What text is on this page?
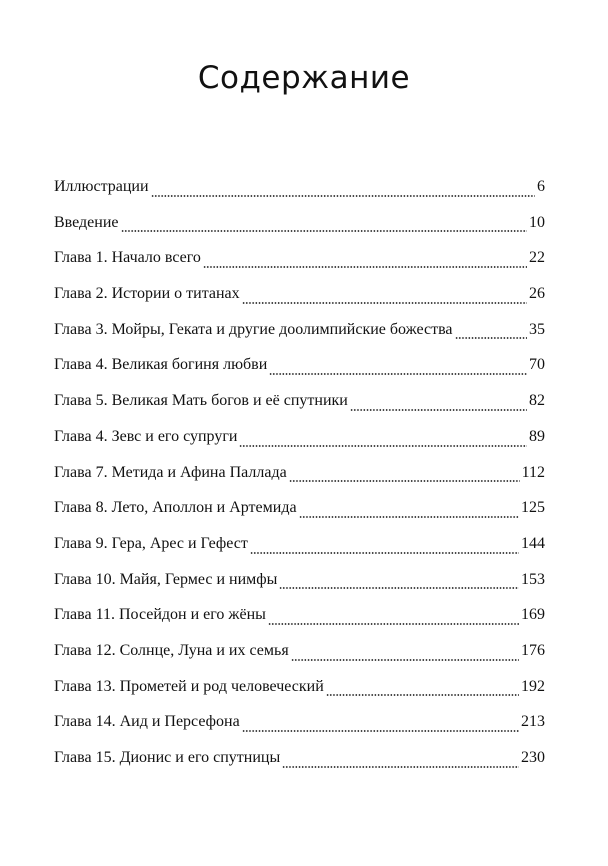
Содержание
Иллюстрации	6
Введение	10
Глава 1. Начало всего	22
Глава 2. Истории о титанах	26
Глава 3. Мойры, Геката и другие доолимпийские божества	35
Глава 4. Великая богиня любви	70
Глава 5. Великая Мать богов и её спутники	82
Глава 4. Зевс и его супруги	89
Глава 7. Метида и Афина Паллада	112
Глава 8. Лето, Аполлон и Артемида	125
Глава 9. Гера, Арес и Гефест	144
Глава 10. Майя, Гермес и нимфы	153
Глава 11. Посейдон и его жёны	169
Глава 12. Солнце, Луна и их семья	176
Глава 13. Прометей и род человеческий	192
Глава 14. Аид и Персефона	213
Глава 15. Дионис и его спутницы	230
